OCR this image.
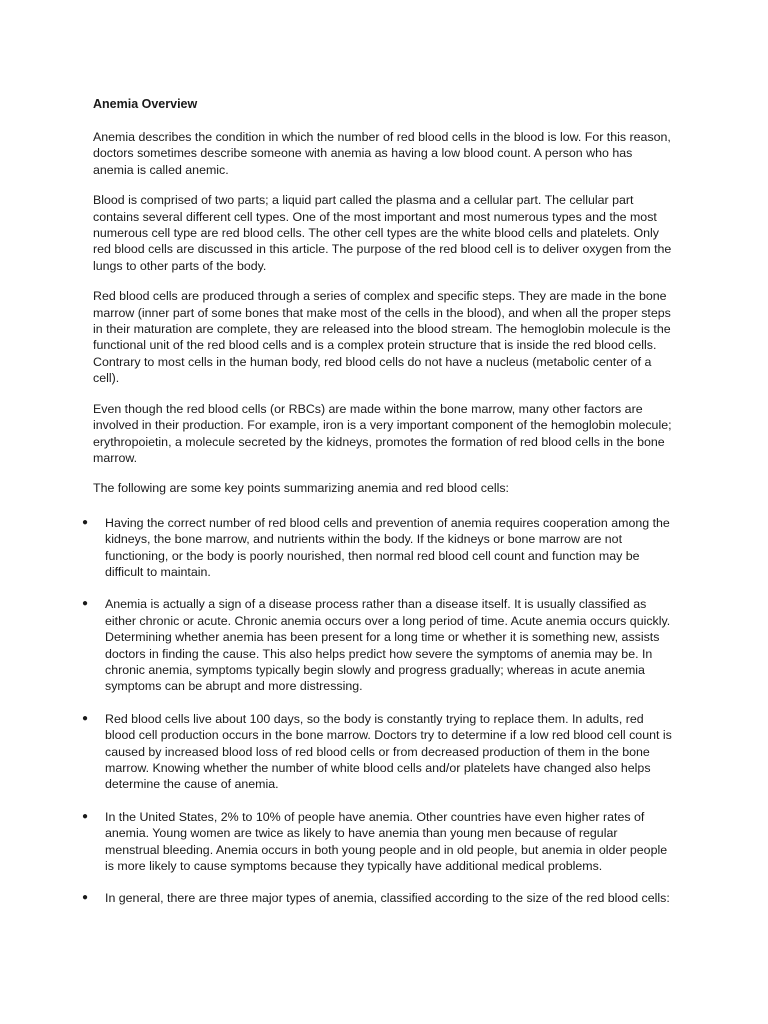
Anemia Overview

Anemia describes the condition in which the number of red blood cells in the blood is low. For this reason, doctors sometimes describe someone with anemia as having a low blood count. A person who has anemia is called anemic.

Blood is comprised of two parts; a liquid part called the plasma and a cellular part. The cellular part contains several different cell types. One of the most important and most numerous types and the most numerous cell type are red blood cells. The other cell types are the white blood cells and platelets. Only red blood cells are discussed in this article. The purpose of the red blood cell is to deliver oxygen from the lungs to other parts of the body.

Red blood cells are produced through a series of complex and specific steps. They are made in the bone marrow (inner part of some bones that make most of the cells in the blood), and when all the proper steps in their maturation are complete, they are released into the blood stream. The hemoglobin molecule is the functional unit of the red blood cells and is a complex protein structure that is inside the red blood cells. Contrary to most cells in the human body, red blood cells do not have a nucleus (metabolic center of a cell).

Even though the red blood cells (or RBCs) are made within the bone marrow, many other factors are involved in their production. For example, iron is a very important component of the hemoglobin molecule; erythropoietin, a molecule secreted by the kidneys, promotes the formation of red blood cells in the bone marrow.

The following are some key points summarizing anemia and red blood cells:

● Having the correct number of red blood cells and prevention of anemia requires cooperation among the kidneys, the bone marrow, and nutrients within the body. If the kidneys or bone marrow are not functioning, or the body is poorly nourished, then normal red blood cell count and function may be difficult to maintain.
● Anemia is actually a sign of a disease process rather than a disease itself. It is usually classified as either chronic or acute. Chronic anemia occurs over a long period of time. Acute anemia occurs quickly. Determining whether anemia has been present for a long time or whether it is something new, assists doctors in finding the cause. This also helps predict how severe the symptoms of anemia may be. In chronic anemia, symptoms typically begin slowly and progress gradually; whereas in acute anemia symptoms can be abrupt and more distressing.
● Red blood cells live about 100 days, so the body is constantly trying to replace them. In adults, red blood cell production occurs in the bone marrow. Doctors try to determine if a low red blood cell count is caused by increased blood loss of red blood cells or from decreased production of them in the bone marrow. Knowing whether the number of white blood cells and/or platelets have changed also helps determine the cause of anemia.
● In the United States, 2% to 10% of people have anemia. Other countries have even higher rates of anemia. Young women are twice as likely to have anemia than young men because of regular menstrual bleeding. Anemia occurs in both young people and in old people, but anemia in older people is more likely to cause symptoms because they typically have additional medical problems.
● In general, there are three major types of anemia, classified according to the size of the red blood cells:
